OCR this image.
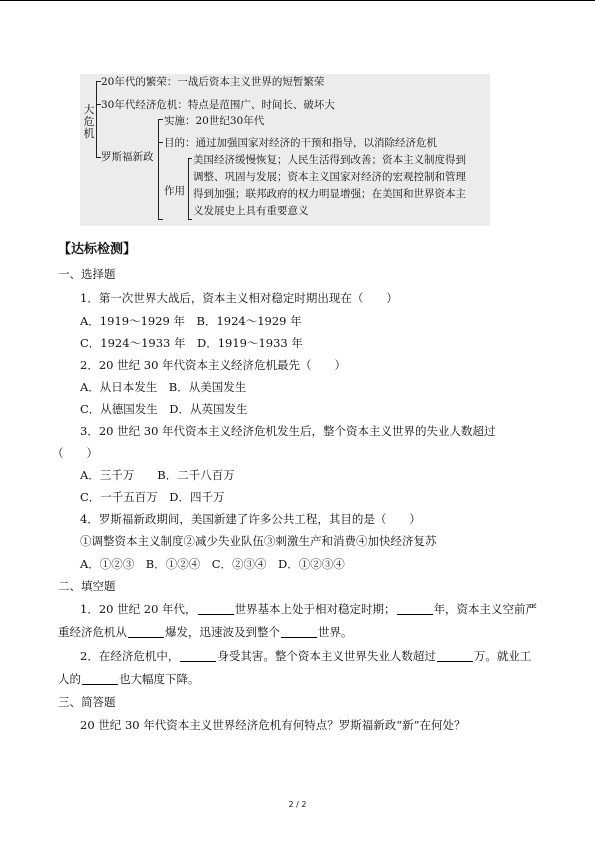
大危机
20年代的繁荣：一战后资本主义世界的短暂繁荣
30年代经济危机：特点是范围广、时间长、破坏大
罗斯福新政
实施：20世纪30年代
目的：通过加强国家对经济的干预和指导，以消除经济危机
作用
美国经济缓慢恢复；人民生活得到改善；资本主义制度得到
调整、巩固与发展；资本主义国家对经济的宏观控制和管理
得到加强；联邦政府的权力明显增强；在美国和世界资本主
义发展史上具有重要意义
【达标检测】
一、选择题
1．第一次世界大战后，资本主义相对稳定时期出现在（　　）
A．1919～1929 年　B．1924～1929 年
C．1924～1933 年　D．1919～1933 年
2．20 世纪 30 年代资本主义经济危机最先（　　）
A．从日本发生　B．从美国发生
C．从德国发生　D．从英国发生
3．20 世纪 30 年代资本主义经济危机发生后，整个资本主义世界的失业人数超过
（　　）
A．三千万　　B．二千八百万
C．一千五百万　D．四千万
4．罗斯福新政期间，美国新建了许多公共工程，其目的是（　　）
①调整资本主义制度②减少失业队伍③刺激生产和消费④加快经济复苏
A．①②③　B．①②④　C．②③④　D．①②③④
二、填空题
1．20 世纪 20 年代，	世界基本上处于相对稳定时期；	年，资本主义空前严
重经济危机从	爆发，迅速波及到整个	世界。
2．在经济危机中，	身受其害。整个资本主义世界失业人数超过	万。就业工
人的	也大幅度下降。
三、简答题
20 世纪 30 年代资本主义世界经济危机有何特点？罗斯福新政“新”在何处？
2 / 2
